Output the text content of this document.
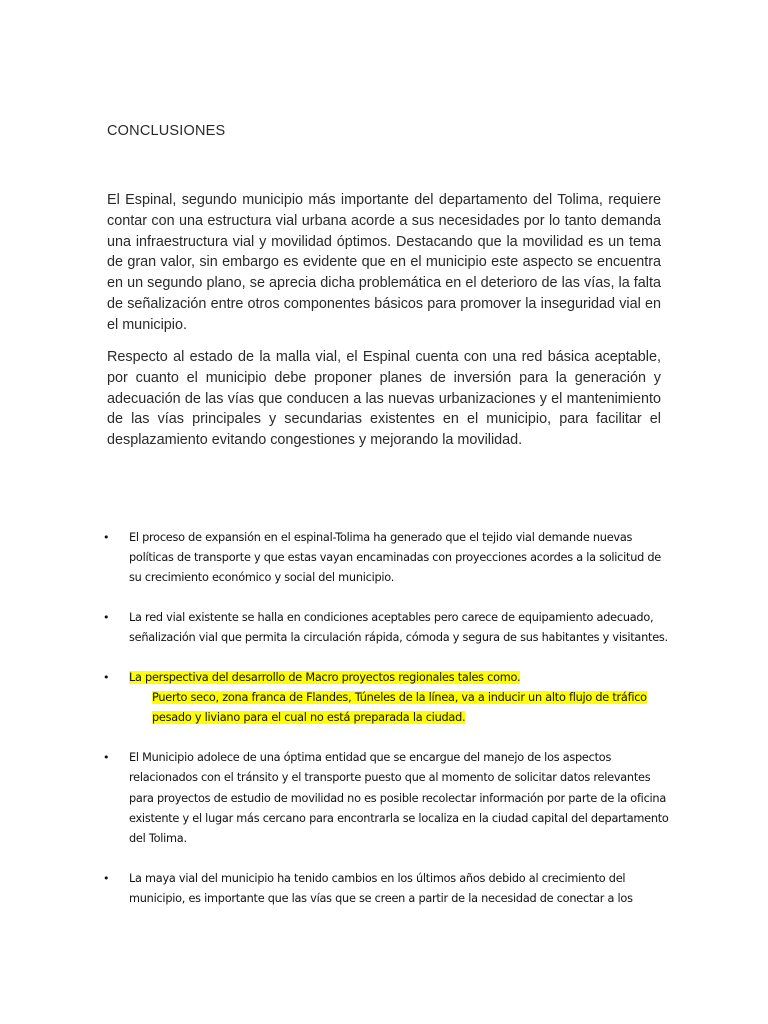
CONCLUSIONES

El Espinal, segundo municipio más importante del departamento del Tolima, requiere contar con una estructura vial urbana acorde a sus necesidades por lo tanto demanda una infraestructura vial y movilidad óptimos. Destacando que la movilidad es un tema de gran valor, sin embargo es evidente que en el municipio este aspecto se encuentra en un segundo plano, se aprecia dicha problemática en el deterioro de las vías, la falta de señalización entre otros componentes básicos para promover la inseguridad vial en el municipio.

Respecto al estado de la malla vial, el Espinal cuenta con una red básica aceptable, por cuanto el municipio debe proponer planes de inversión para la generación y adecuación de las vías que conducen a las nuevas urbanizaciones y el mantenimiento de las vías principales y secundarias existentes en el municipio, para facilitar el desplazamiento evitando congestiones y mejorando la movilidad.

• El proceso de expansión en el espinal-Tolima ha generado que el tejido vial demande nuevas políticas de transporte y que estas vayan encaminadas con proyecciones acordes a la solicitud de su crecimiento económico y social del municipio.
• La red vial existente se halla en condiciones aceptables pero carece de equipamiento adecuado, señalización vial que permita la circulación rápida, cómoda y segura de sus habitantes y visitantes.
• La perspectiva del desarrollo de Macro proyectos regionales tales como.
Puerto seco, zona franca de Flandes, Túneles de la línea, va a inducir un alto flujo de tráfico pesado y liviano para el cual no está preparada la ciudad.
• El Municipio adolece de una óptima entidad que se encargue del manejo de los aspectos relacionados con el tránsito y el transporte puesto que al momento de solicitar datos relevantes para proyectos de estudio de movilidad no es posible recolectar información por parte de la oficina existente y el lugar más cercano para encontrarla se localiza en la ciudad capital del departamento del Tolima.
• La maya vial del municipio ha tenido cambios en los últimos años debido al crecimiento del municipio, es importante que las vías que se creen a partir de la necesidad de conectar a los
